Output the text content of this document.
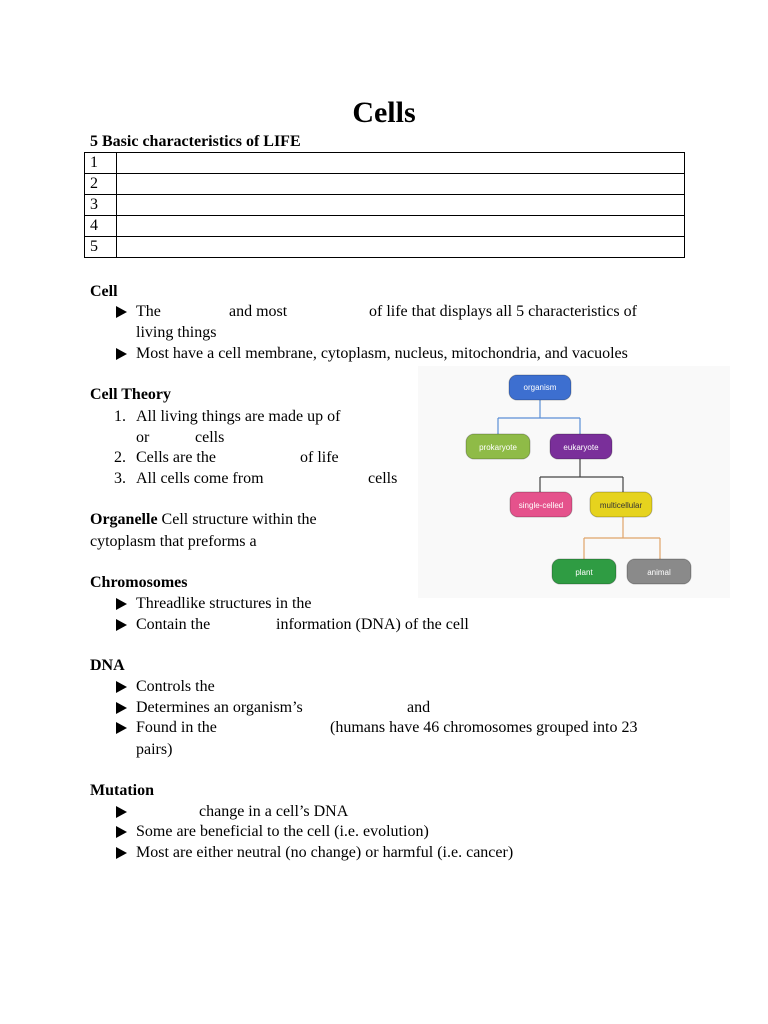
Cells
5 Basic characteristics of LIFE
1	
2	
3	
4	
5	
Cell
The	and most	of life that displays all 5 characteristics of
living things
Most have a cell membrane, cytoplasm, nucleus, mitochondria, and vacuoles
Cell Theory
1. All living things are made up of
or	cells
2. Cells are the	of life
3. All cells come from	cells
Organelle Cell structure within the
cytoplasm that preforms a
Chromosomes
Threadlike structures in the
Contain the	information (DNA) of the cell
DNA
Controls the
Determines an organism’s	and
Found in the	(humans have 46 chromosomes grouped into 23
pairs)
Mutation
change in a cell’s DNA
Some are beneficial to the cell (i.e. evolution)
Most are either neutral (no change) or harmful (i.e. cancer)
organism
prokaryote	eukaryote
single-celled	multicellular
plant	animal
